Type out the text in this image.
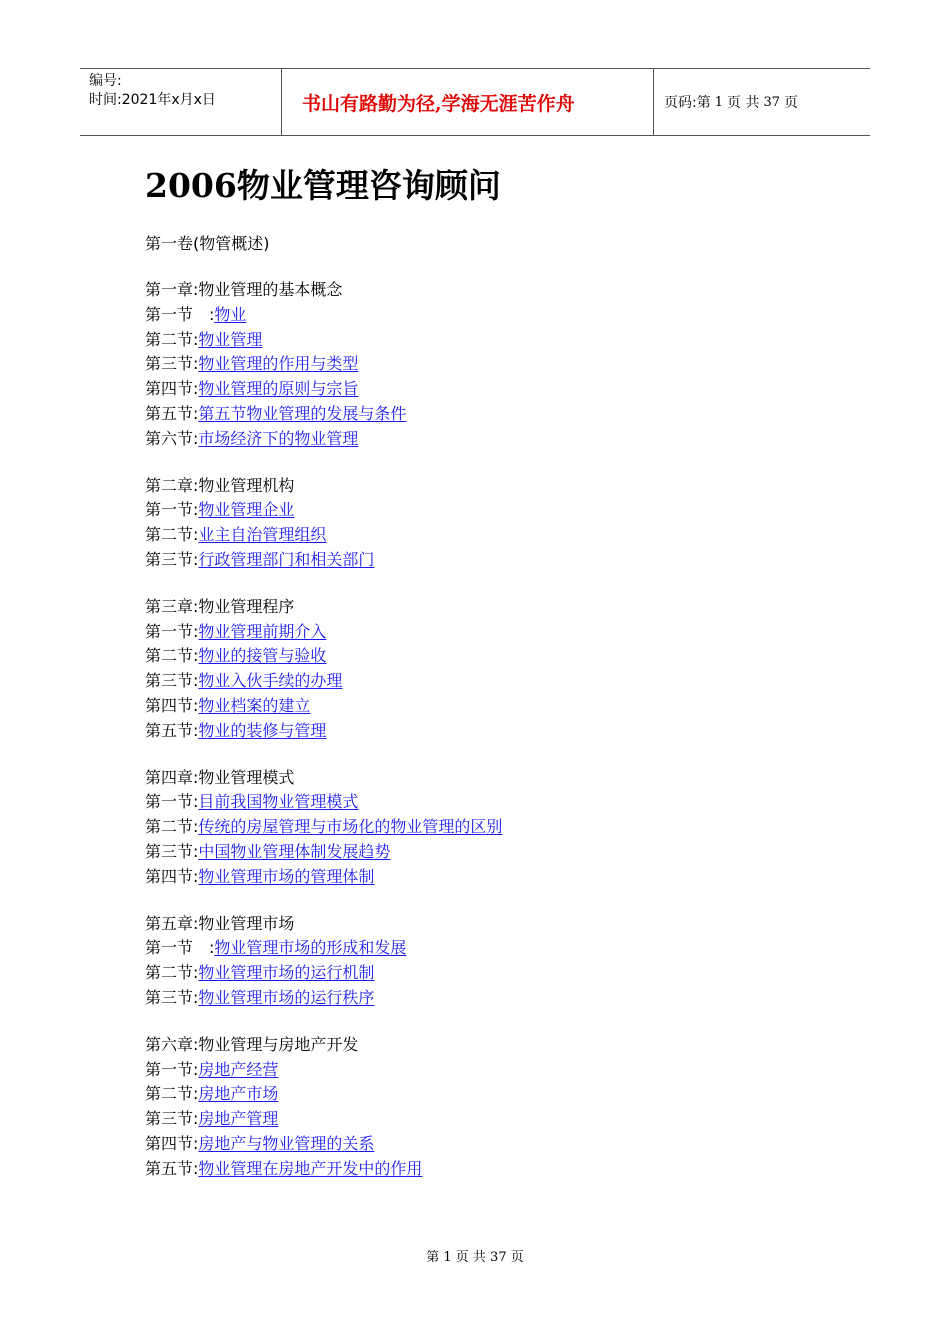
编号:
时间:2021年x月x日	书山有路勤为径,学海无涯苦作舟	页码:第 1 页 共 37 页
2006物业管理咨询顾问
第一卷(物管概述)
第一章:物业管理的基本概念
第一节 :物业
第二节:物业管理
第三节:物业管理的作用与类型
第四节:物业管理的原则与宗旨
第五节:第五节物业管理的发展与条件
第六节:市场经济下的物业管理
第二章:物业管理机构
第一节:物业管理企业
第二节:业主自治管理组织
第三节:行政管理部门和相关部门
第三章:物业管理程序
第一节:物业管理前期介入
第二节:物业的接管与验收
第三节:物业入伙手续的办理
第四节:物业档案的建立
第五节:物业的装修与管理
第四章:物业管理模式
第一节:目前我国物业管理模式
第二节:传统的房屋管理与市场化的物业管理的区别
第三节:中国物业管理体制发展趋势
第四节:物业管理市场的管理体制
第五章:物业管理市场
第一节 :物业管理市场的形成和发展
第二节:物业管理市场的运行机制
第三节:物业管理市场的运行秩序
第六章:物业管理与房地产开发
第一节:房地产经营
第二节:房地产市场
第三节:房地产管理
第四节:房地产与物业管理的关系
第五节:物业管理在房地产开发中的作用
第 1 页 共 37 页
